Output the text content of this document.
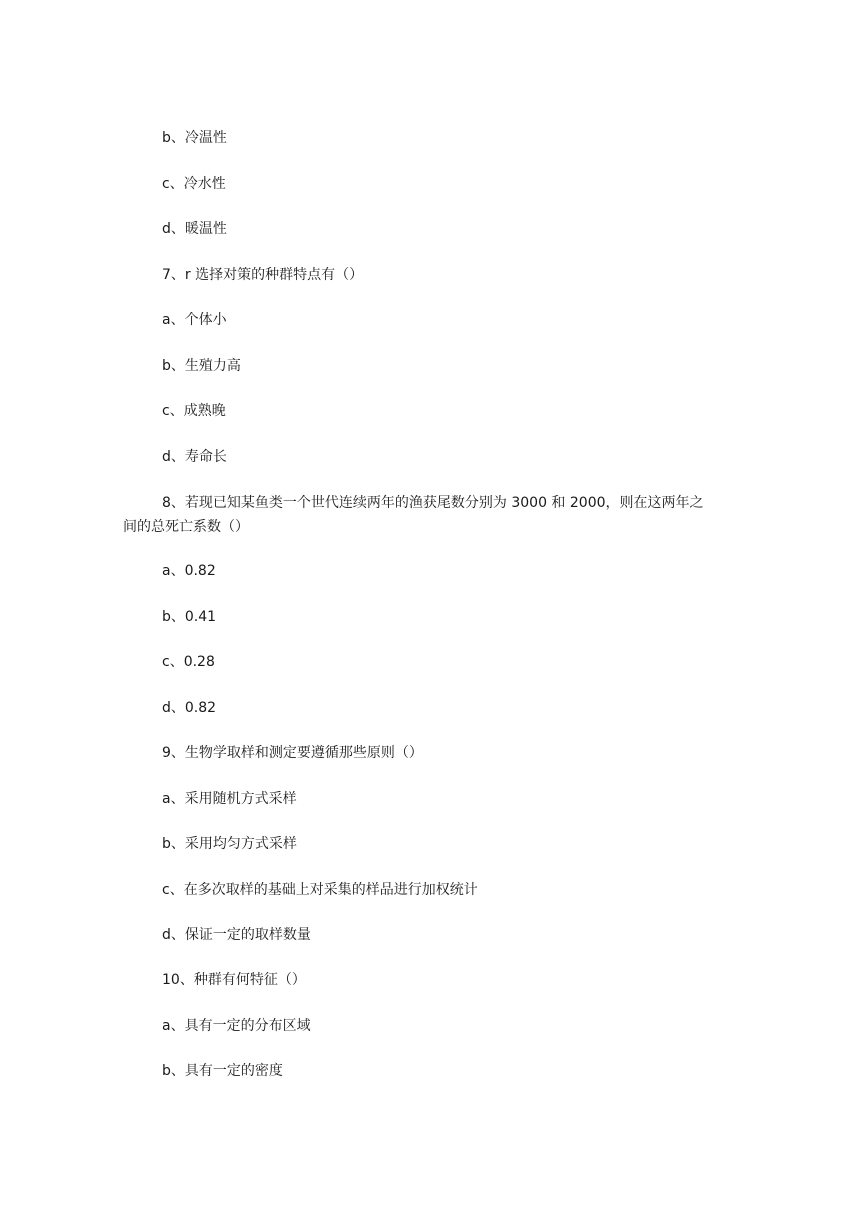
b、冷温性

c、冷水性

d、暖温性

7、r 选择对策的种群特点有（）

a、个体小

b、生殖力高

c、成熟晚

d、寿命长

8、若现已知某鱼类一个世代连续两年的渔获尾数分别为 3000 和 2000，则在这两年之
间的总死亡系数（）

a、0.82

b、0.41

c、0.28

d、0.82

9、生物学取样和测定要遵循那些原则（）

a、采用随机方式采样

b、采用均匀方式采样

c、在多次取样的基础上对采集的样品进行加权统计

d、保证一定的取样数量

10、种群有何特征（）

a、具有一定的分布区域

b、具有一定的密度
